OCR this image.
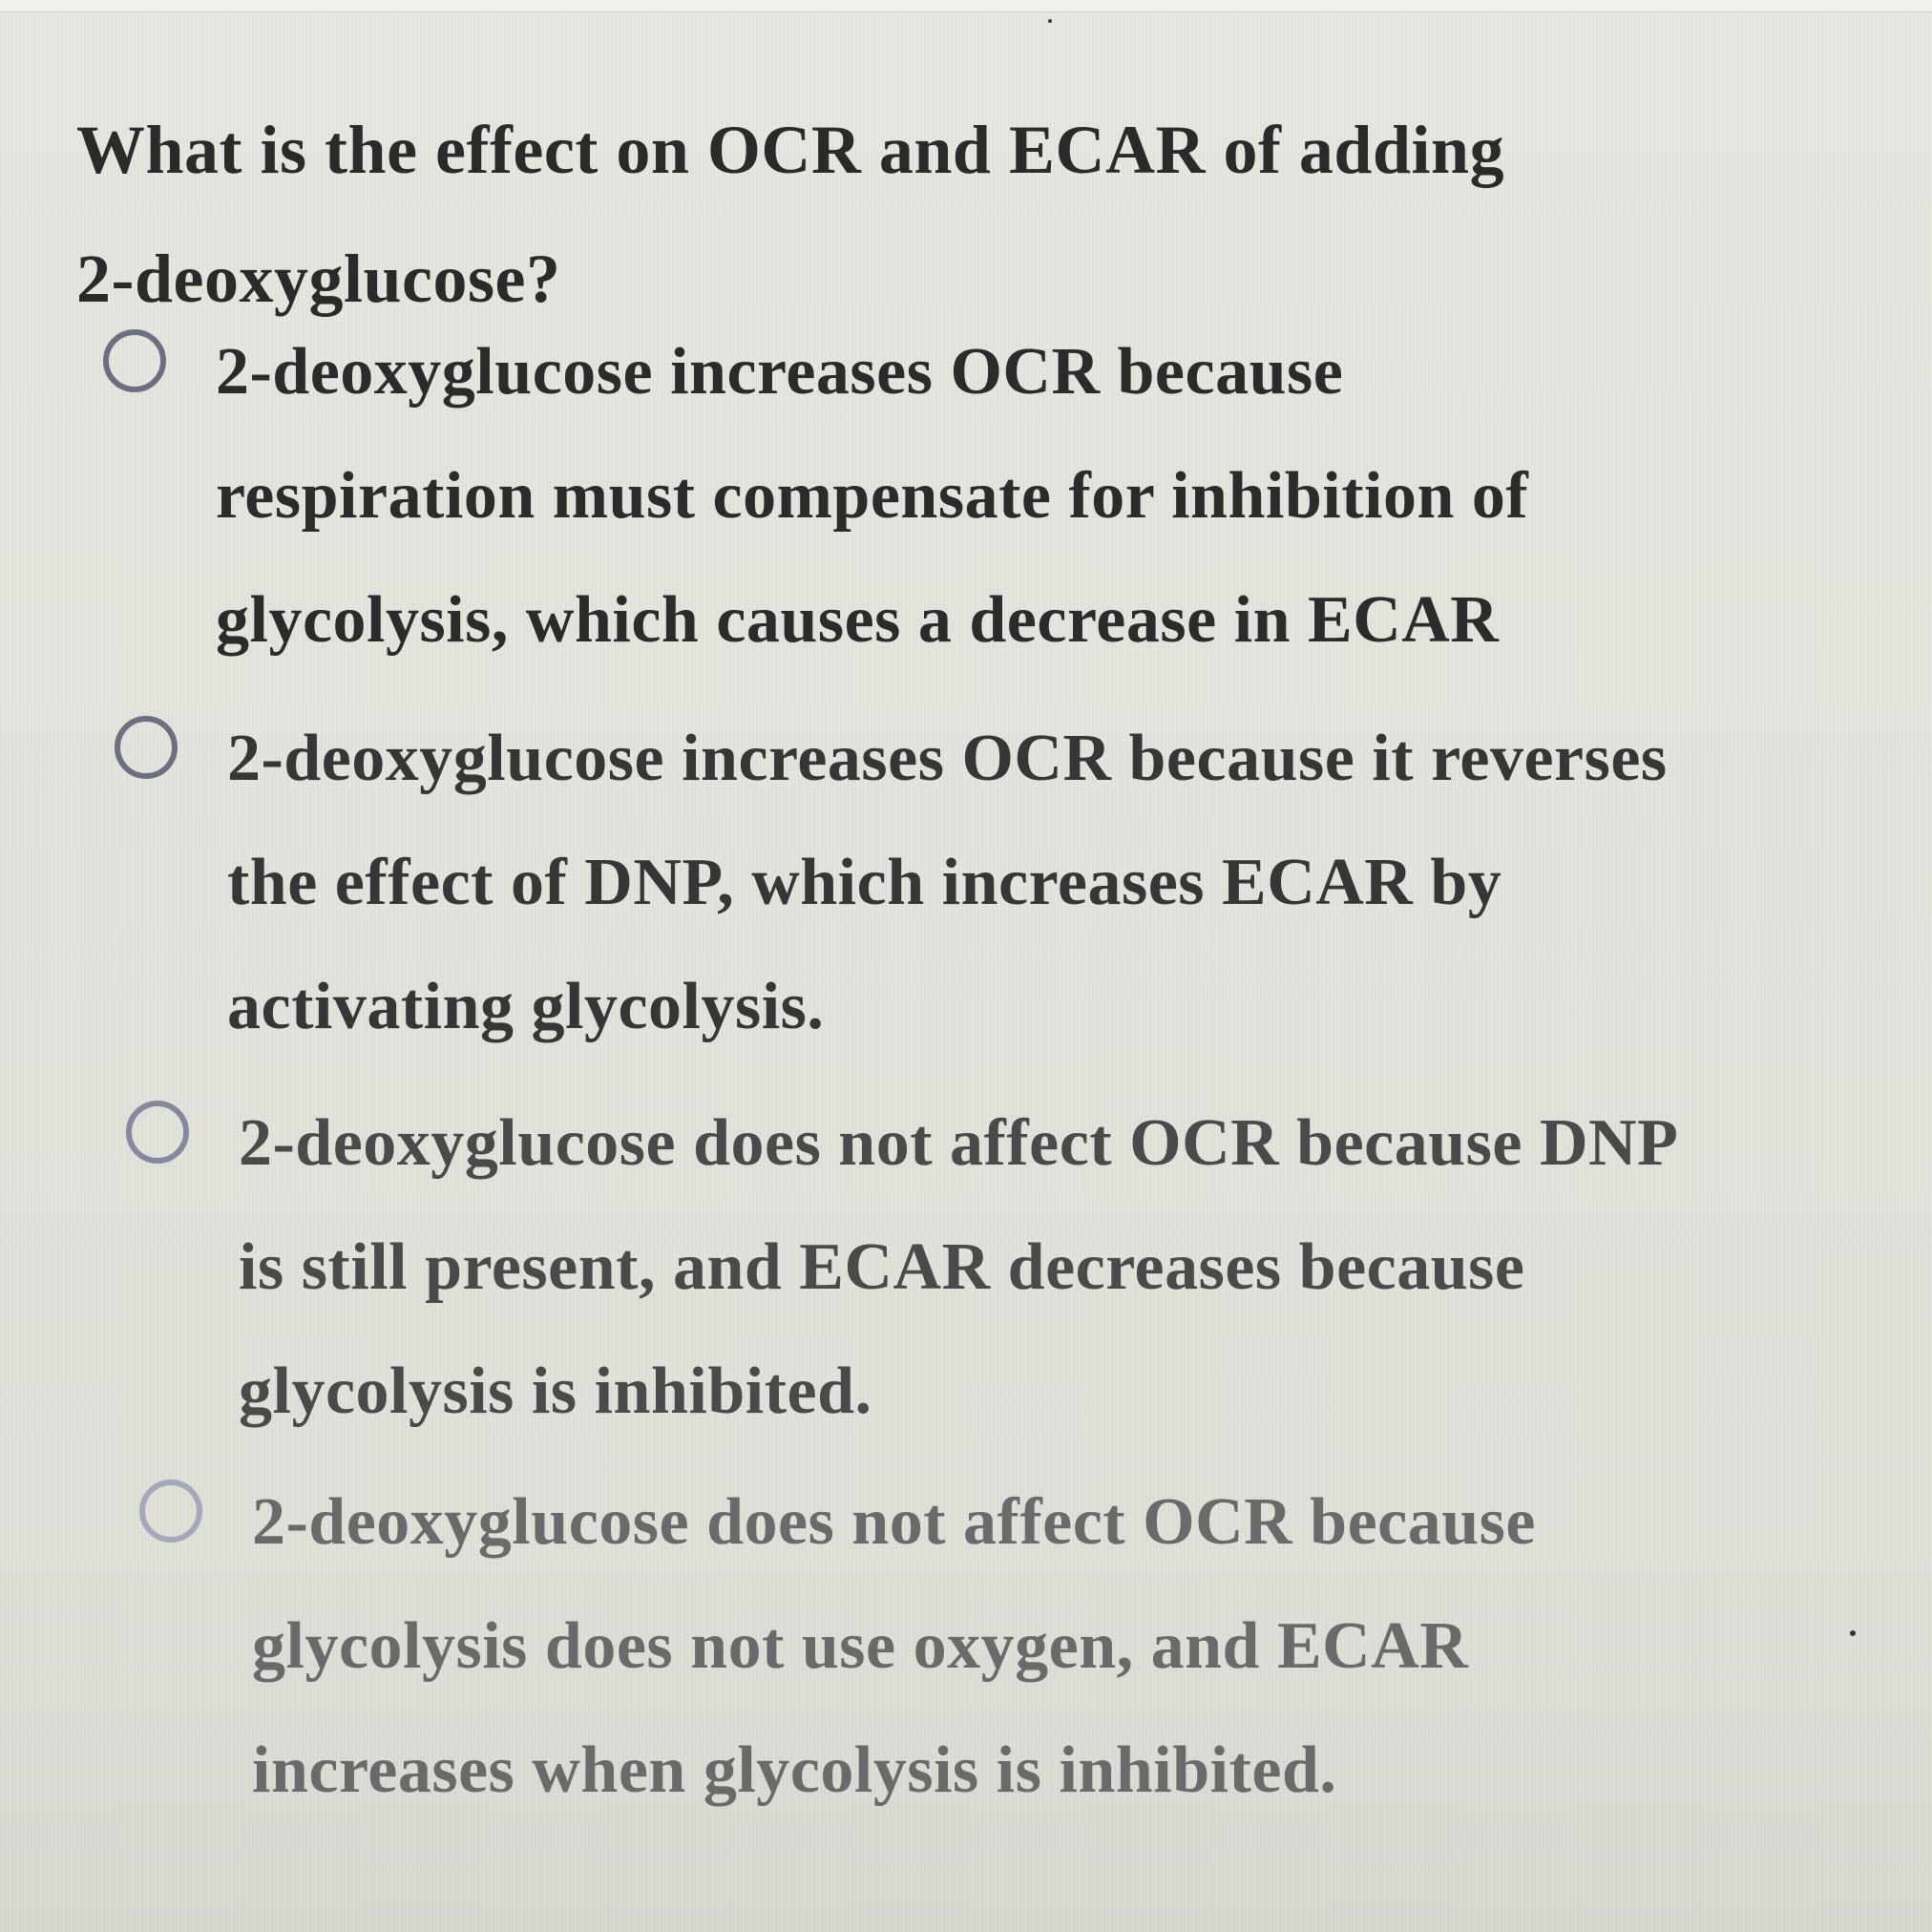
What is the effect on OCR and ECAR of adding 2-deoxyglucose?
2-deoxyglucose increases OCR because respiration must compensate for inhibition of glycolysis, which causes a decrease in ECAR
2-deoxyglucose increases OCR because it reverses the effect of DNP, which increases ECAR by activating glycolysis.
2-deoxyglucose does not affect OCR because DNP is still present, and ECAR decreases because glycolysis is inhibited.
2-deoxyglucose does not affect OCR because glycolysis does not use oxygen, and ECAR increases when glycolysis is inhibited.
